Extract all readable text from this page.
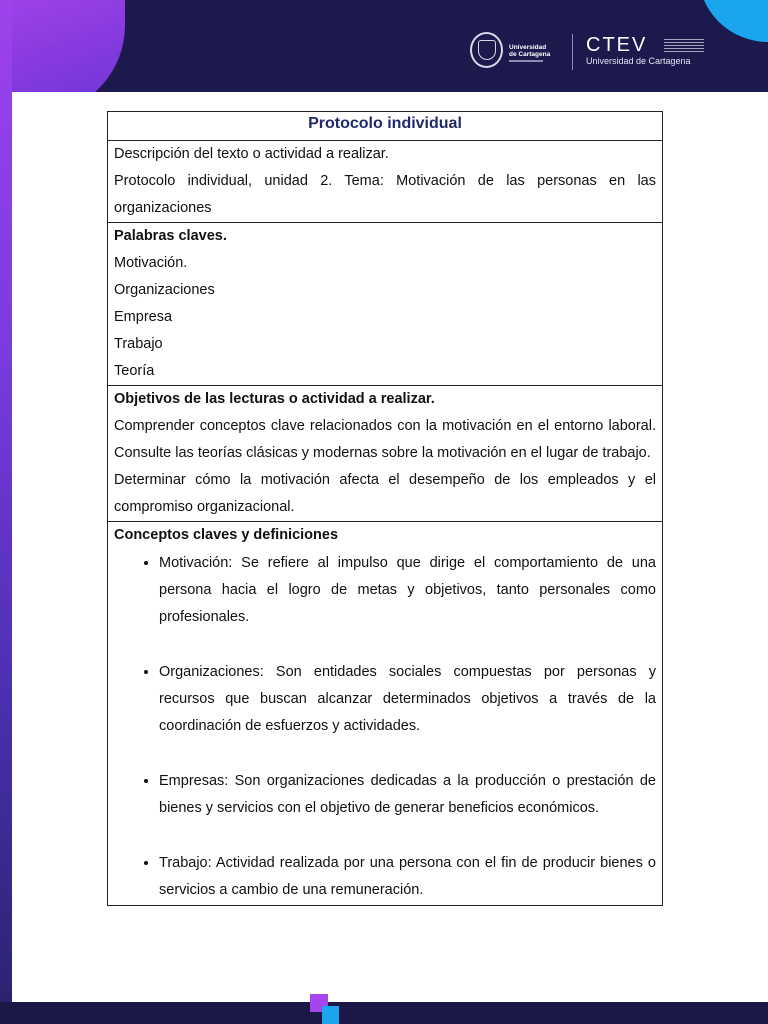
Universidad
de Cartagena CTEV
Universidad de Cartagena
Protocolo individual
Descripción del texto o actividad a realizar.
Protocolo individual, unidad 2. Tema: Motivación de las personas en las organizaciones
Palabras claves.
Motivación.
Organizaciones
Empresa
Trabajo
Teoría
Objetivos de las lecturas o actividad a realizar.
Comprender conceptos clave relacionados con la motivación en el entorno laboral. Consulte las teorías clásicas y modernas sobre la motivación en el lugar de trabajo.
Determinar cómo la motivación afecta el desempeño de los empleados y el compromiso organizacional.
Conceptos claves y definiciones
• Motivación: Se refiere al impulso que dirige el comportamiento de una persona hacia el logro de metas y objetivos, tanto personales como profesionales.
• Organizaciones: Son entidades sociales compuestas por personas y recursos que buscan alcanzar determinados objetivos a través de la coordinación de esfuerzos y actividades.
• Empresas: Son organizaciones dedicadas a la producción o prestación de bienes y servicios con el objetivo de generar beneficios económicos.
• Trabajo: Actividad realizada por una persona con el fin de producir bienes o servicios a cambio de una remuneración.
